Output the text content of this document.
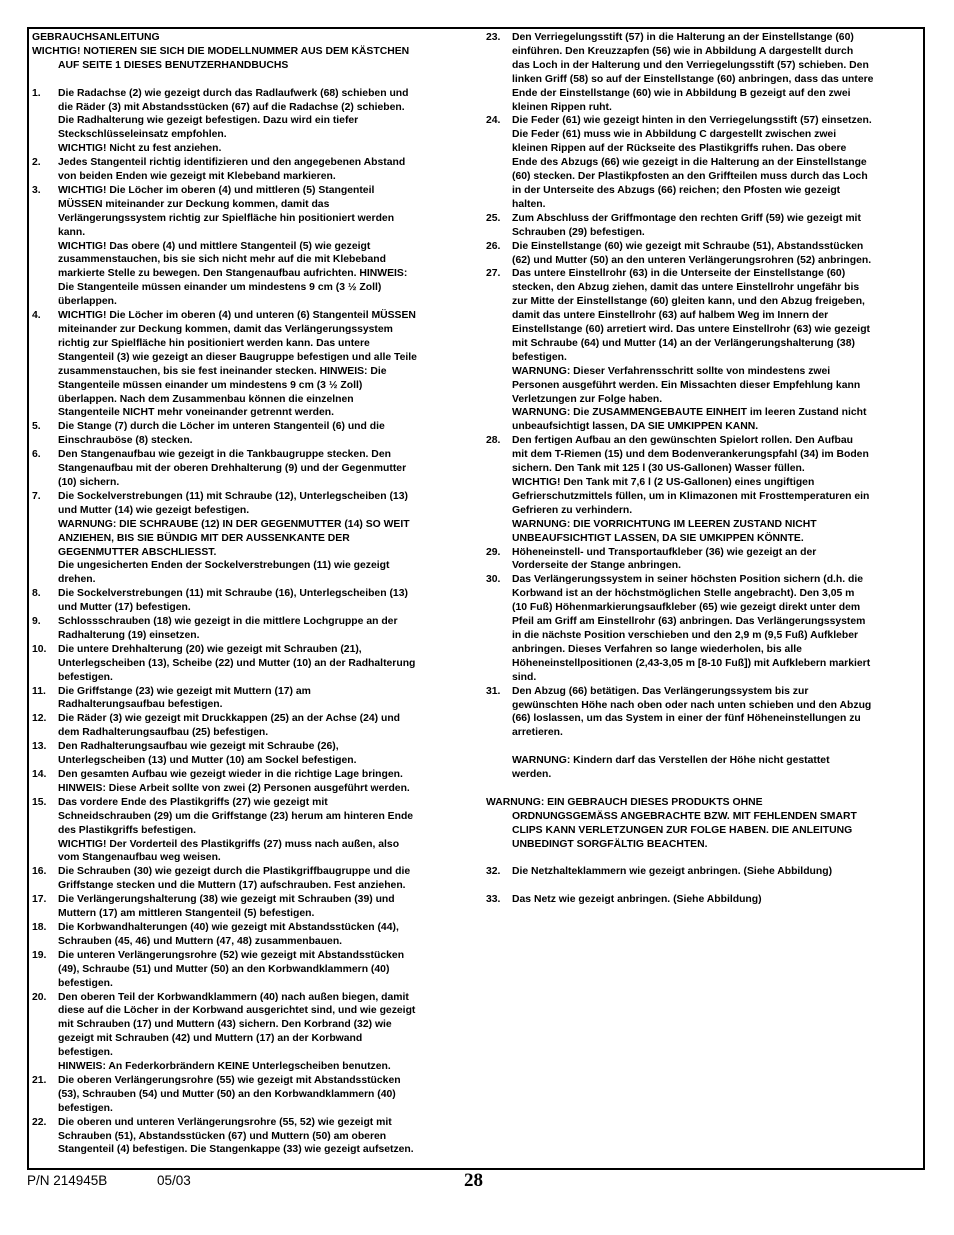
GEBRAUCHSANLEITUNG
WICHTIG! NOTIEREN SIE SICH DIE MODELLNUMMER AUS DEM KÄSTCHEN
AUF SEITE 1 DIESES BENUTZERHANDBUCHS
1.	Die Radachse (2) wie gezeigt durch das Radlaufwerk (68) schieben und
die Räder (3) mit Abstandsstücken (67) auf die Radachse (2) schieben.
Die Radhalterung wie gezeigt befestigen. Dazu wird ein tiefer
Steckschlüsseleinsatz empfohlen.
WICHTIG! Nicht zu fest anziehen.
2.	Jedes Stangenteil richtig identifizieren und den angegebenen Abstand
von beiden Enden wie gezeigt mit Klebeband markieren.
3.	WICHTIG! Die Löcher im oberen (4) und mittleren (5) Stangenteil
MÜSSEN miteinander zur Deckung kommen, damit das
Verlängerungssystem richtig zur Spielfläche hin positioniert werden
kann.
WICHTIG! Das obere (4) und mittlere Stangenteil (5) wie gezeigt
zusammenstauchen, bis sie sich nicht mehr auf die mit Klebeband
markierte Stelle zu bewegen. Den Stangenaufbau aufrichten. HINWEIS:
Die Stangenteile müssen einander um mindestens 9 cm (3 ½ Zoll)
überlappen.
4.	WICHTIG! Die Löcher im oberen (4) und unteren (6) Stangenteil MÜSSEN
miteinander zur Deckung kommen, damit das Verlängerungssystem
richtig zur Spielfläche hin positioniert werden kann. Das untere
Stangenteil (3) wie gezeigt an dieser Baugruppe befestigen und alle Teile
zusammenstauchen, bis sie fest ineinander stecken. HINWEIS: Die
Stangenteile müssen einander um mindestens 9 cm (3 ½ Zoll)
überlappen. Nach dem Zusammenbau können die einzelnen
Stangenteile NICHT mehr voneinander getrennt werden.
5.	Die Stange (7) durch die Löcher im unteren Stangenteil (6) und die
Einschrauböse (8) stecken.
6.	Den Stangenaufbau wie gezeigt in die Tankbaugruppe stecken. Den
Stangenaufbau mit der oberen Drehhalterung (9) und der Gegenmutter
(10) sichern.
7.	Die Sockelverstrebungen (11) mit Schraube (12), Unterlegscheiben (13)
und Mutter (14) wie gezeigt befestigen.
WARNUNG: DIE SCHRAUBE (12) IN DER GEGENMUTTER (14) SO WEIT
ANZIEHEN, BIS SIE BÜNDIG MIT DER AUSSENKANTE DER
GEGENMUTTER ABSCHLIESST.
Die ungesicherten Enden der Sockelverstrebungen (11) wie gezeigt
drehen.
8.	Die Sockelverstrebungen (11) mit Schraube (16), Unterlegscheiben (13)
und Mutter (17) befestigen.
9.	Schlossschrauben (18) wie gezeigt in die mittlere Lochgruppe an der
Radhalterung (19) einsetzen.
10.	Die untere Drehhalterung (20) wie gezeigt mit Schrauben (21),
Unterlegscheiben (13), Scheibe (22) und Mutter (10) an der Radhalterung
befestigen.
11.	Die Griffstange (23) wie gezeigt mit Muttern (17) am
Radhalterungsaufbau befestigen.
12.	Die Räder (3) wie gezeigt mit Druckkappen (25) an der Achse (24) und
dem Radhalterungsaufbau (25) befestigen.
13.	Den Radhalterungsaufbau wie gezeigt mit Schraube (26),
Unterlegscheiben (13) und Mutter (10) am Sockel befestigen.
14.	Den gesamten Aufbau wie gezeigt wieder in die richtige Lage bringen.
HINWEIS: Diese Arbeit sollte von zwei (2) Personen ausgeführt werden.
15.	Das vordere Ende des Plastikgriffs (27) wie gezeigt mit
Schneidschrauben (29) um die Griffstange (23) herum am hinteren Ende
des Plastikgriffs befestigen.
WICHTIG! Der Vorderteil des Plastikgriffs (27) muss nach außen, also
vom Stangenaufbau weg weisen.
16.	Die Schrauben (30) wie gezeigt durch die Plastikgriffbaugruppe und die
Griffstange stecken und die Muttern (17) aufschrauben. Fest anziehen.
17.	Die Verlängerungshalterung (38) wie gezeigt mit Schrauben (39) und
Muttern (17) am mittleren Stangenteil (5) befestigen.
18.	Die Korbwandhalterungen (40) wie gezeigt mit Abstandsstücken (44),
Schrauben (45, 46) und Muttern (47, 48) zusammenbauen.
19.	Die unteren Verlängerungsrohre (52) wie gezeigt mit Abstandsstücken
(49), Schraube (51) und Mutter (50) an den Korbwandklammern (40)
befestigen.
20.	Den oberen Teil der Korbwandklammern (40) nach außen biegen, damit
diese auf die Löcher in der Korbwand ausgerichtet sind, und wie gezeigt
mit Schrauben (17) und Muttern (43) sichern. Den Korbrand (32) wie
gezeigt mit Schrauben (42) und Muttern (17) an der Korbwand
befestigen.
HINWEIS: An Federkorbrändern KEINE Unterlegscheiben benutzen.
21.	Die oberen Verlängerungsrohre (55) wie gezeigt mit Abstandsstücken
(53), Schrauben (54) und Mutter (50) an den Korbwandklammern (40)
befestigen.
22.	Die oberen und unteren Verlängerungsrohre (55, 52) wie gezeigt mit
Schrauben (51), Abstandsstücken (67) und Muttern (50) am oberen
Stangenteil (4) befestigen. Die Stangenkappe (33) wie gezeigt aufsetzen.
23.	Den Verriegelungsstift (57) in die Halterung an der Einstellstange (60)
einführen. Den Kreuzzapfen (56) wie in Abbildung A dargestellt durch
das Loch in der Halterung und den Verriegelungsstift (57) schieben. Den
linken Griff (58) so auf der Einstellstange (60) anbringen, dass das untere
Ende der Einstellstange (60) wie in Abbildung B gezeigt auf den zwei
kleinen Rippen ruht.
24.	Die Feder (61) wie gezeigt hinten in den Verriegelungsstift (57) einsetzen.
Die Feder (61) muss wie in Abbildung C dargestellt zwischen zwei
kleinen Rippen auf der Rückseite des Plastikgriffs ruhen. Das obere
Ende des Abzugs (66) wie gezeigt in die Halterung an der Einstellstange
(60) stecken. Der Plastikpfosten an den Griffteilen muss durch das Loch
in der Unterseite des Abzugs (66) reichen; den Pfosten wie gezeigt
halten.
25.	Zum Abschluss der Griffmontage den rechten Griff (59) wie gezeigt mit
Schrauben (29) befestigen.
26.	Die Einstellstange (60) wie gezeigt mit Schraube (51), Abstandsstücken
(62) und Mutter (50) an den unteren Verlängerungsrohren (52) anbringen.
27.	Das untere Einstellrohr (63) in die Unterseite der Einstellstange (60)
stecken, den Abzug ziehen, damit das untere Einstellrohr ungefähr bis
zur Mitte der Einstellstange (60) gleiten kann, und den Abzug freigeben,
damit das untere Einstellrohr (63) auf halbem Weg im Innern der
Einstellstange (60) arretiert wird. Das untere Einstellrohr (63) wie gezeigt
mit Schraube (64) und Mutter (14) an der Verlängerungshalterung (38)
befestigen.
WARNUNG: Dieser Verfahrensschritt sollte von mindestens zwei
Personen ausgeführt werden. Ein Missachten dieser Empfehlung kann
Verletzungen zur Folge haben.
WARNUNG: Die ZUSAMMENGEBAUTE EINHEIT im leeren Zustand nicht
unbeaufsichtigt lassen, DA SIE UMKIPPEN KANN.
28.	Den fertigen Aufbau an den gewünschten Spielort rollen. Den Aufbau
mit dem T-Riemen (15) und dem Bodenverankerungspfahl (34) im Boden
sichern. Den Tank mit 125 l (30 US-Gallonen) Wasser füllen.
WICHTIG! Den Tank mit 7,6 l (2 US-Gallonen) eines ungiftigen
Gefrierschutzmittels füllen, um in Klimazonen mit Frosttemperaturen ein
Gefrieren zu verhindern.
WARNUNG: DIE VORRICHTUNG IM LEEREN ZUSTAND NICHT
UNBEAUFSICHTIGT LASSEN, DA SIE UMKIPPEN KÖNNTE.
29.	Höheneinstell- und Transportaufkleber (36) wie gezeigt an der
Vorderseite der Stange anbringen.
30.	Das Verlängerungssystem in seiner höchsten Position sichern (d.h. die
Korbwand ist an der höchstmöglichen Stelle angebracht). Den 3,05 m
(10 Fuß) Höhenmarkierungsaufkleber (65) wie gezeigt direkt unter dem
Pfeil am Griff am Einstellrohr (63) anbringen. Das Verlängerungssystem
in die nächste Position verschieben und den 2,9 m (9,5 Fuß) Aufkleber
anbringen. Dieses Verfahren so lange wiederholen, bis alle
Höheneinstellpositionen (2,43-3,05 m [8-10 Fuß]) mit Aufklebern markiert
sind.
31.	Den Abzug (66) betätigen. Das Verlängerungssystem bis zur
gewünschten Höhe nach oben oder nach unten schieben und den Abzug
(66) loslassen, um das System in einer der fünf Höheneinstellungen zu
arretieren.
WARNUNG: Kindern darf das Verstellen der Höhe nicht gestattet
werden.
WARNUNG: EIN GEBRAUCH DIESES PRODUKTS OHNE
ORDNUNGSGEMÄSS ANGEBRACHTE BZW. MIT FEHLENDEN SMART
CLIPS KANN VERLETZUNGEN ZUR FOLGE HABEN. DIE ANLEITUNG
UNBEDINGT SORGFÄLTIG BEACHTEN.
32.	Die Netzhalteklammern wie gezeigt anbringen. (Siehe Abbildung)
33.	Das Netz wie gezeigt anbringen. (Siehe Abbildung)
P/N 214945B	05/03	28
